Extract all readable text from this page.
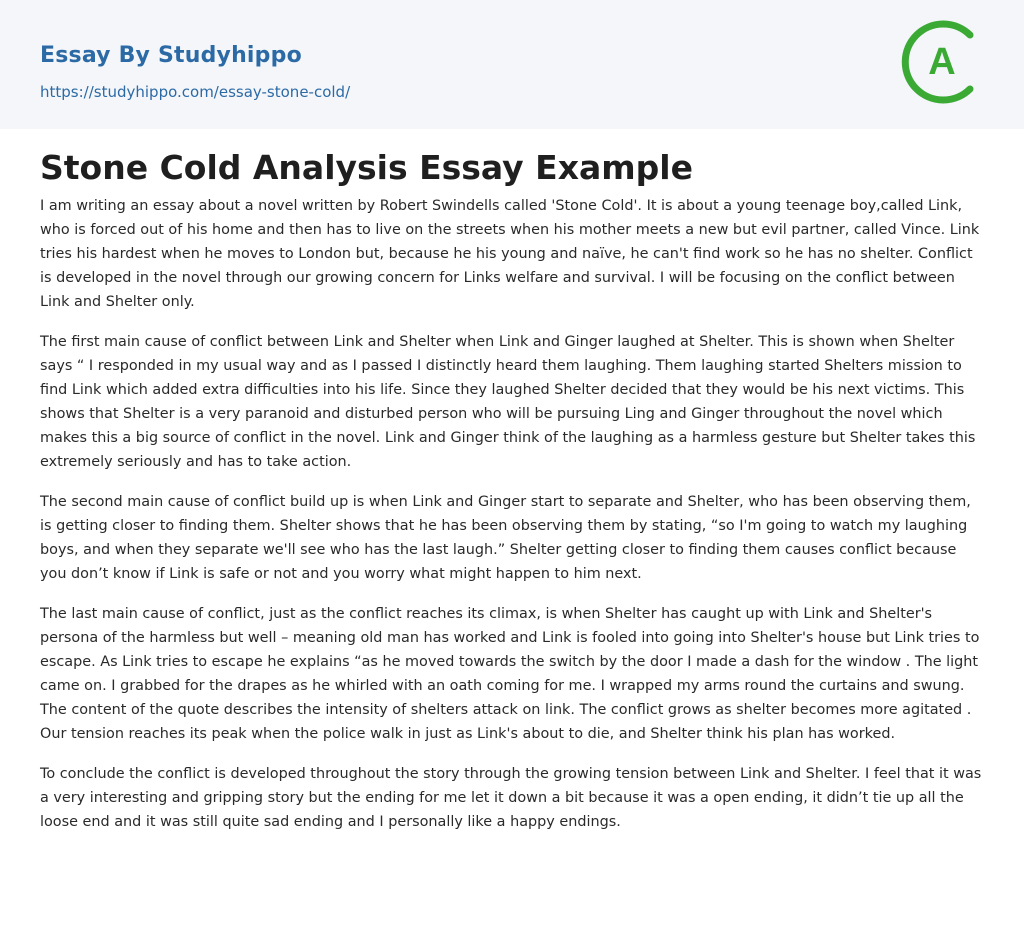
Essay By Studyhippo
https://studyhippo.com/essay-stone-cold/
A
Stone Cold Analysis Essay Example

I am writing an essay about a novel written by Robert Swindells called 'Stone Cold'. It is about a young teenage boy,called Link, who is forced out of his home and then has to live on the streets when his mother meets a new but evil partner, called Vince. Link tries his hardest when he moves to London but, because he his young and naïve, he can't find work so he has no shelter. Conflict is developed in the novel through our growing concern for Links welfare and survival. I will be focusing on the conflict between Link and Shelter only.

The first main cause of conflict between Link and Shelter when Link and Ginger laughed at Shelter. This is shown when Shelter says “ I responded in my usual way and as I passed I distinctly heard them laughing. Them laughing started Shelters mission to find Link which added extra difficulties into his life. Since they laughed Shelter decided that they would be his next victims. This shows that Shelter is a very paranoid and disturbed person who will be pursuing Ling and Ginger throughout the novel which makes this a big source of conflict in the novel. Link and Ginger think of the laughing as a harmless gesture but Shelter takes this extremely seriously and has to take action.

The second main cause of conflict build up is when Link and Ginger start to separate and Shelter, who has been observing them, is getting closer to finding them. Shelter shows that he has been observing them by stating, “so I'm going to watch my laughing boys, and when they separate we'll see who has the last laugh.” Shelter getting closer to finding them causes conflict because you don’t know if Link is safe or not and you worry what might happen to him next.

The last main cause of conflict, just as the conflict reaches its climax, is when Shelter has caught up with Link and Shelter's persona of the harmless but well – meaning old man has worked and Link is fooled into going into Shelter's house but Link tries to escape. As Link tries to escape he explains “as he moved towards the switch by the door I made a dash for the window . The light came on. I grabbed for the drapes as he whirled with an oath coming for me. I wrapped my arms round the curtains and swung. The content of the quote describes the intensity of shelters attack on link. The conflict grows as shelter becomes more agitated . Our tension reaches its peak when the police walk in just as Link's about to die, and Shelter think his plan has worked.

To conclude the conflict is developed throughout the story through the growing tension between Link and Shelter. I feel that it was a very interesting and gripping story but the ending for me let it down a bit because it was a open ending, it didn’t tie up all the loose end and it was still quite sad ending and I personally like a happy endings.
